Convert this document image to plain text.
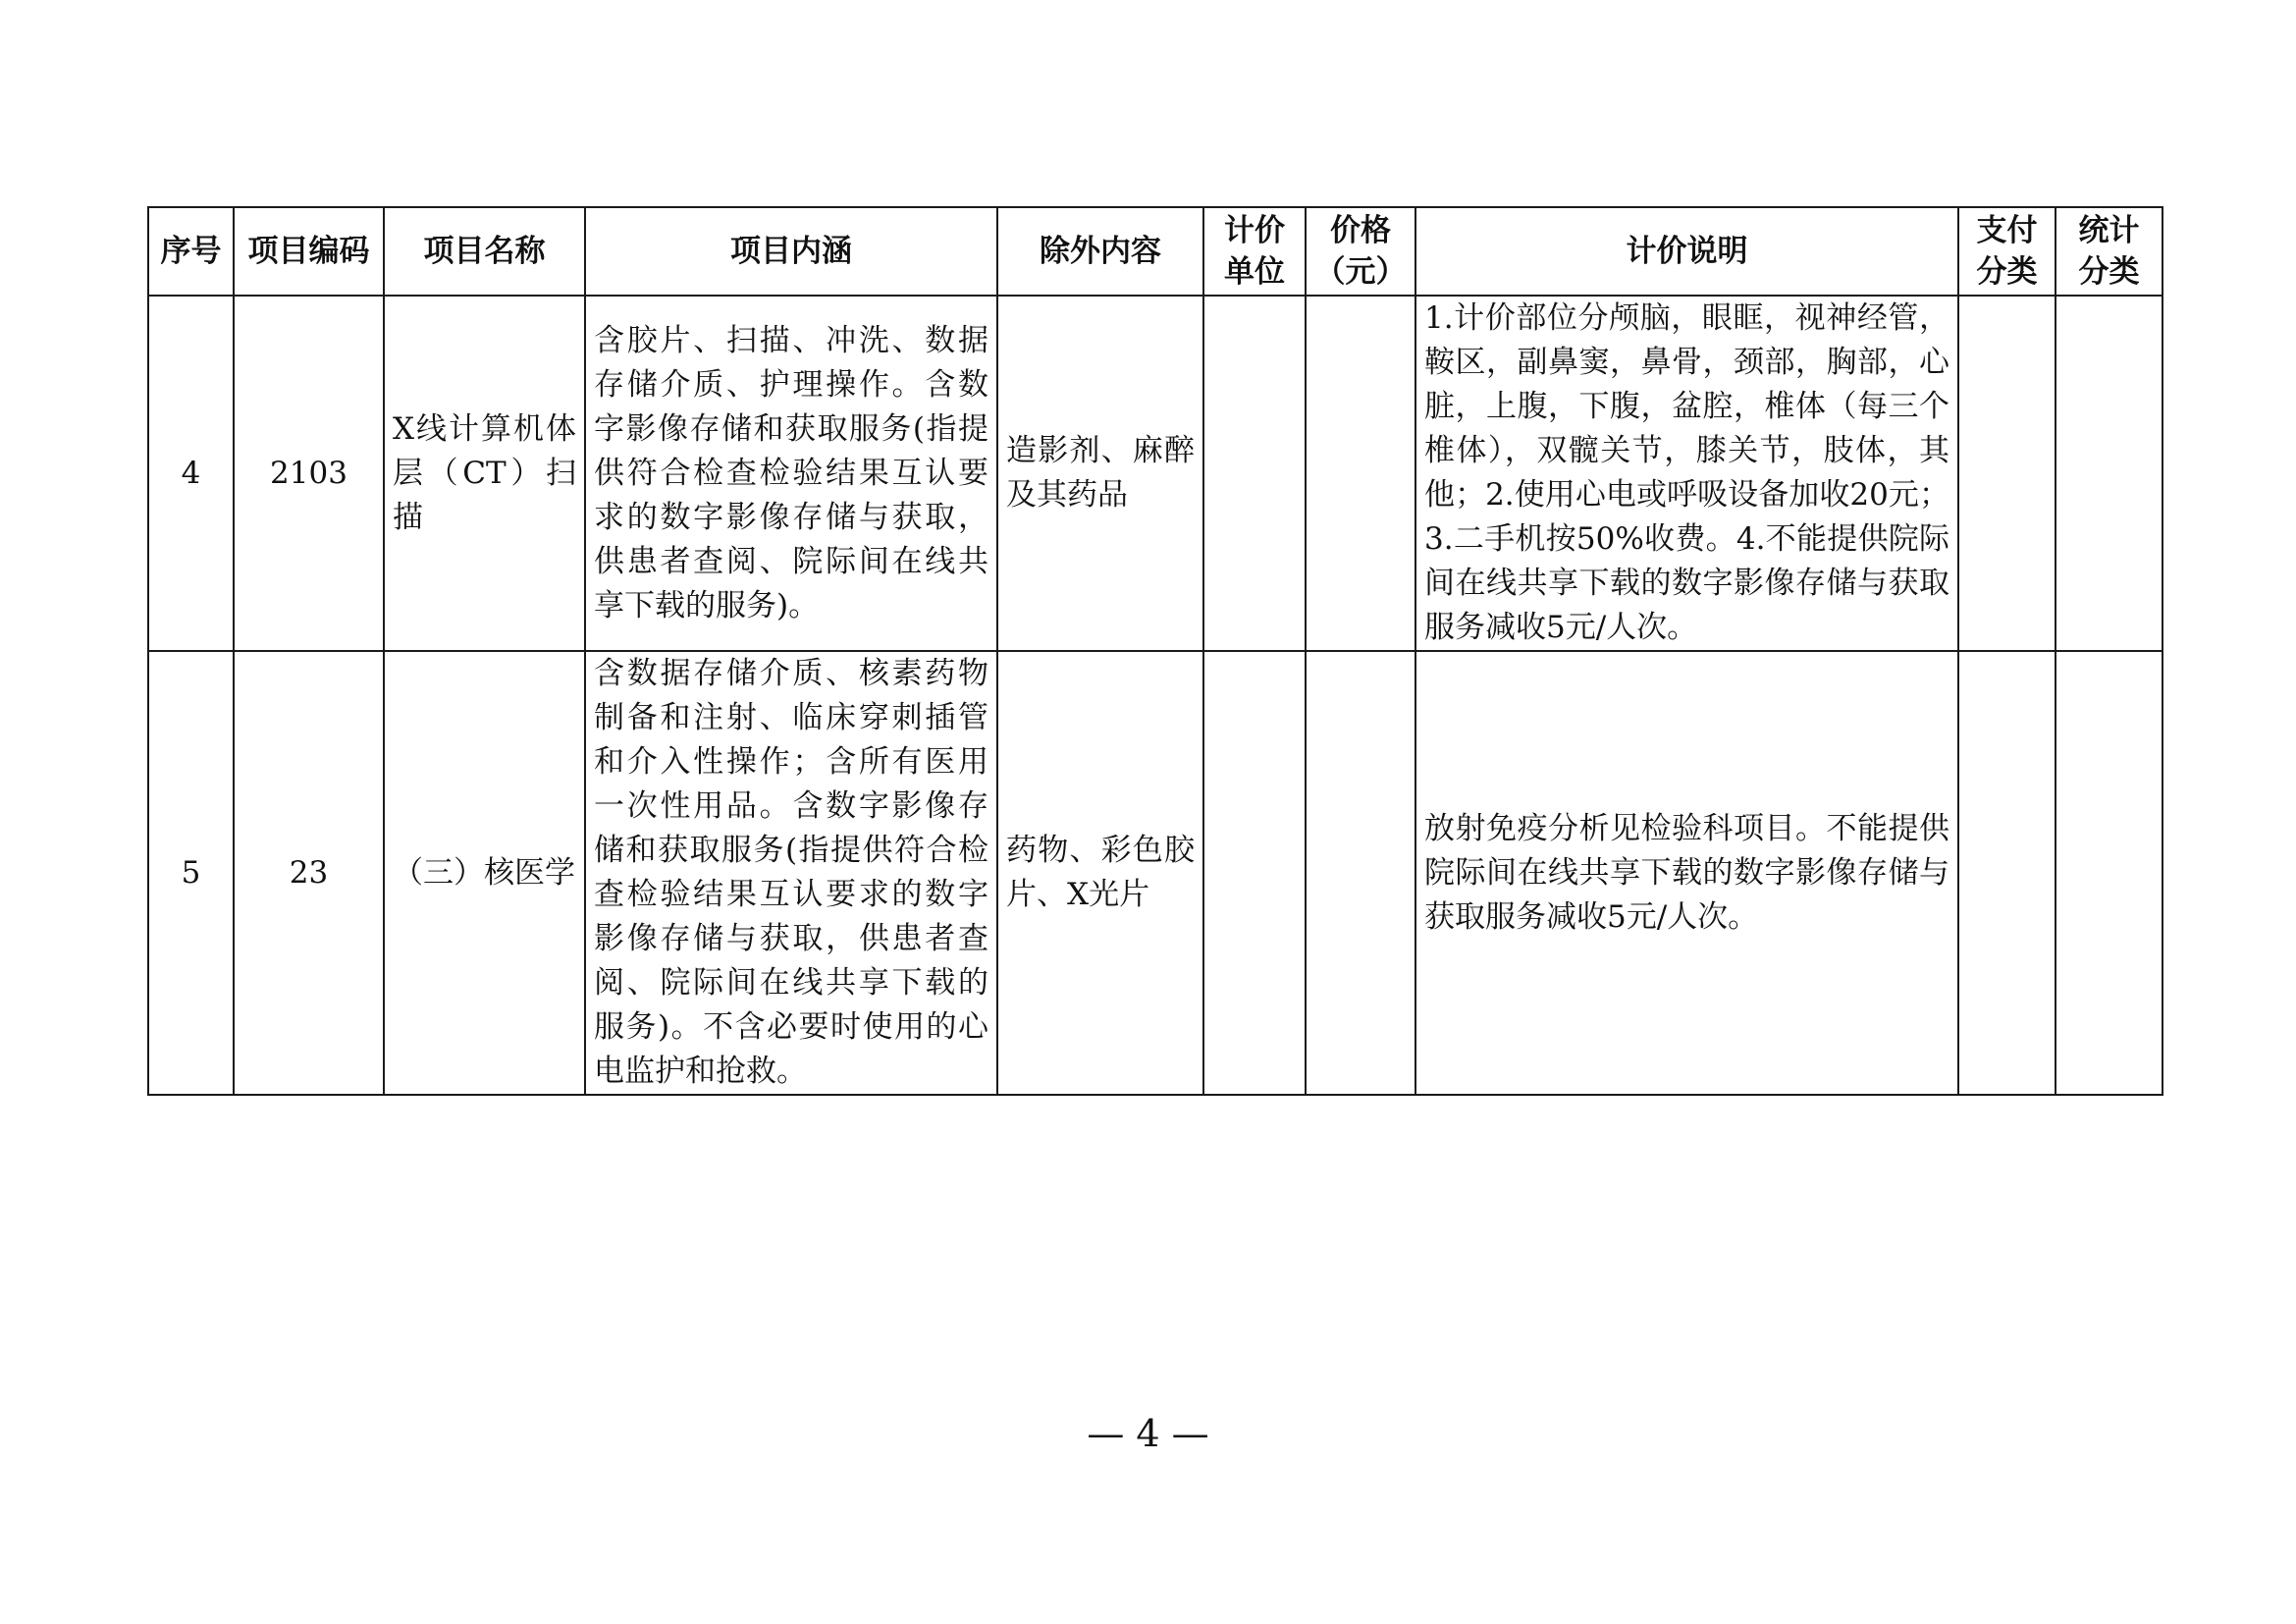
序号	项目编码	项目名称	项目内涵	除外内容	计价单位	价格（元）	计价说明	支付分类	统计分类
4	2103	X线计算机体层（CT）扫描	含胶片、扫描、冲洗、数据存储介质、护理操作。含数字影像存储和获取服务(指提供符合检查检验结果互认要求的数字影像存储与获取，供患者查阅、院际间在线共享下载的服务)。	造影剂、麻醉及其药品			1.计价部位分颅脑，眼眶，视神经管，鞍区，副鼻窦，鼻骨，颈部，胸部，心脏，上腹，下腹，盆腔，椎体（每三个椎体），双髋关节，膝关节，肢体，其他；2.使用心电或呼吸设备加收20元；3.二手机按50%收费。4.不能提供院际间在线共享下载的数字影像存储与获取服务减收5元/人次。		
5	23	（三）核医学	含数据存储介质、核素药物制备和注射、临床穿刺插管和介入性操作；含所有医用一次性用品。含数字影像存储和获取服务(指提供符合检查检验结果互认要求的数字影像存储与获取，供患者查阅、院际间在线共享下载的服务)。不含必要时使用的心电监护和抢救。	药物、彩色胶片、X光片			放射免疫分析见检验科项目。不能提供院际间在线共享下载的数字影像存储与获取服务减收5元/人次。		
— 4 —
